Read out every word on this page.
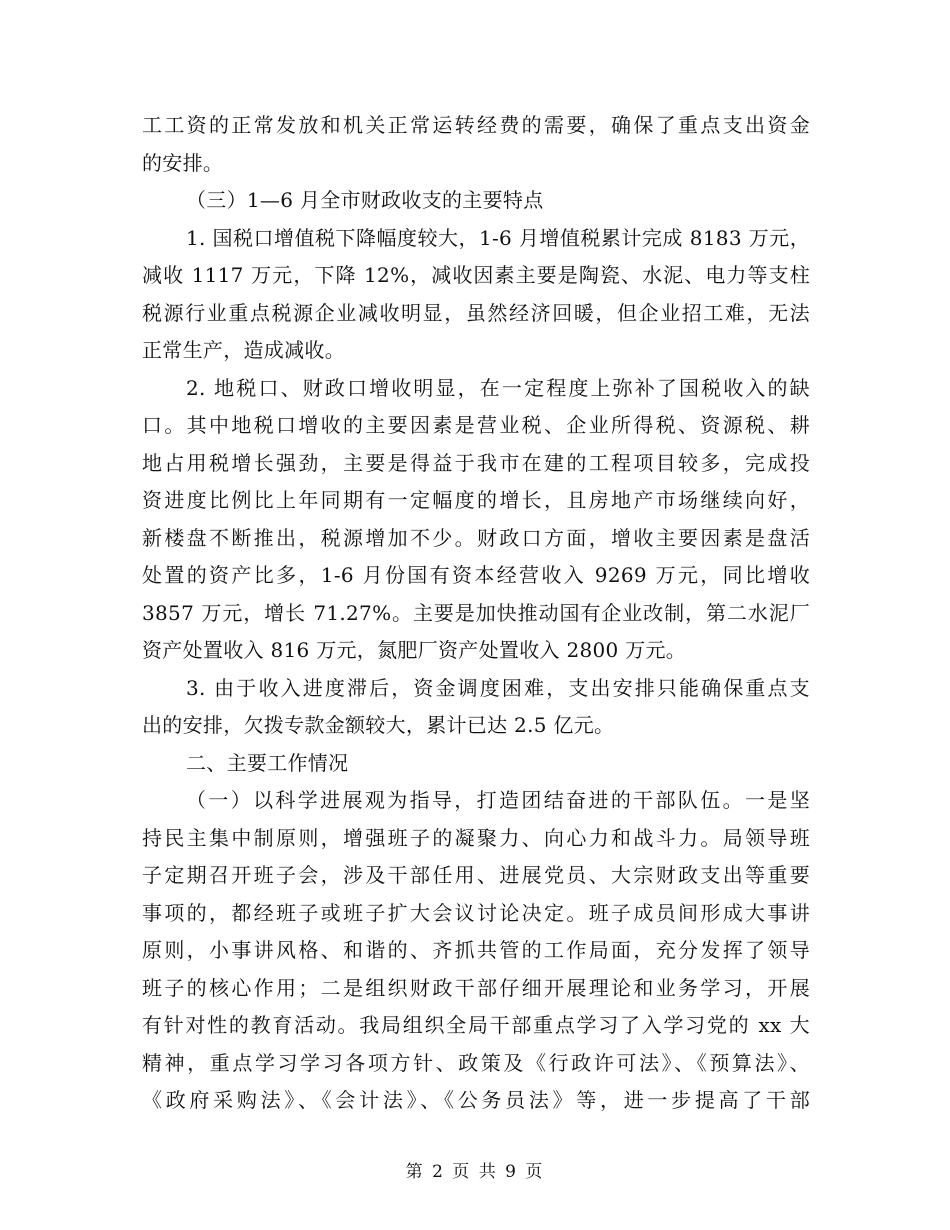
工工资的正常发放和机关正常运转经费的需要，确保了重点支出资金
的安排。
（三）1—6 月全市财政收支的主要特点
1. 国税口增值税下降幅度较大，1-6 月增值税累计完成 8183 万元，
减收 1117 万元，下降 12%，减收因素主要是陶瓷、水泥、电力等支柱
税源行业重点税源企业减收明显，虽然经济回暖，但企业招工难，无法
正常生产，造成减收。
2. 地税口、财政口增收明显，在一定程度上弥补了国税收入的缺
口。其中地税口增收的主要因素是营业税、企业所得税、资源税、耕
地占用税增长强劲，主要是得益于我市在建的工程项目较多，完成投
资进度比例比上年同期有一定幅度的增长，且房地产市场继续向好，
新楼盘不断推出，税源增加不少。财政口方面，增收主要因素是盘活
处置的资产比多，1-6 月份国有资本经营收入 9269 万元，同比增收
3857 万元，增长 71.27%。主要是加快推动国有企业改制，第二水泥厂
资产处置收入 816 万元，氮肥厂资产处置收入 2800 万元。
3. 由于收入进度滞后，资金调度困难，支出安排只能确保重点支
出的安排，欠拨专款金额较大，累计已达 2.5 亿元。
二、主要工作情况
（一）以科学进展观为指导，打造团结奋进的干部队伍。一是坚
持民主集中制原则，增强班子的凝聚力、向心力和战斗力。局领导班
子定期召开班子会，涉及干部任用、进展党员、大宗财政支出等重要
事项的，都经班子或班子扩大会议讨论决定。班子成员间形成大事讲
原则，小事讲风格、和谐的、齐抓共管的工作局面，充分发挥了领导
班子的核心作用；二是组织财政干部仔细开展理论和业务学习，开展
有针对性的教育活动。我局组织全局干部重点学习了入学习党的 xx 大
精神，重点学习学习各项方针、政策及《行政许可法》、《预算法》、
《政府采购法》、《会计法》、《公务员法》等，进一步提高了干部
第 2 页 共 9 页
